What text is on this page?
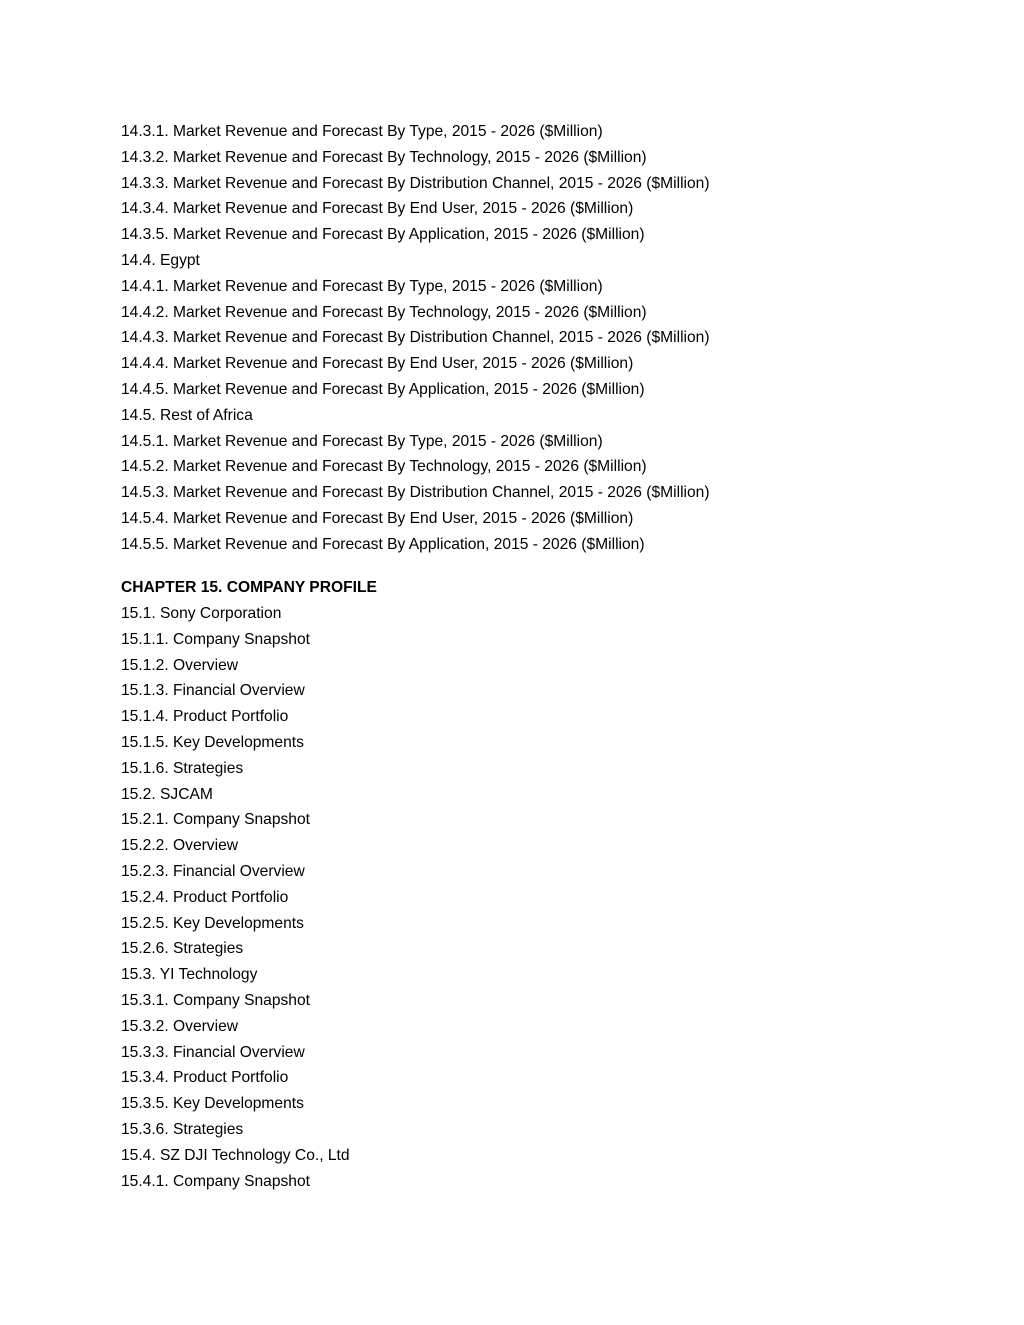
14.3.1. Market Revenue and Forecast By Type, 2015 - 2026 ($Million)
14.3.2. Market Revenue and Forecast By Technology, 2015 - 2026 ($Million)
14.3.3. Market Revenue and Forecast By Distribution Channel, 2015 - 2026 ($Million)
14.3.4. Market Revenue and Forecast By End User, 2015 - 2026 ($Million)
14.3.5. Market Revenue and Forecast By Application, 2015 - 2026 ($Million)
14.4. Egypt
14.4.1. Market Revenue and Forecast By Type, 2015 - 2026 ($Million)
14.4.2. Market Revenue and Forecast By Technology, 2015 - 2026 ($Million)
14.4.3. Market Revenue and Forecast By Distribution Channel, 2015 - 2026 ($Million)
14.4.4. Market Revenue and Forecast By End User, 2015 - 2026 ($Million)
14.4.5. Market Revenue and Forecast By Application, 2015 - 2026 ($Million)
14.5. Rest of Africa
14.5.1. Market Revenue and Forecast By Type, 2015 - 2026 ($Million)
14.5.2. Market Revenue and Forecast By Technology, 2015 - 2026 ($Million)
14.5.3. Market Revenue and Forecast By Distribution Channel, 2015 - 2026 ($Million)
14.5.4. Market Revenue and Forecast By End User, 2015 - 2026 ($Million)
14.5.5. Market Revenue and Forecast By Application, 2015 - 2026 ($Million)
CHAPTER 15. COMPANY PROFILE
15.1. Sony Corporation
15.1.1. Company Snapshot
15.1.2. Overview
15.1.3. Financial Overview
15.1.4. Product Portfolio
15.1.5. Key Developments
15.1.6. Strategies
15.2. SJCAM
15.2.1. Company Snapshot
15.2.2. Overview
15.2.3. Financial Overview
15.2.4. Product Portfolio
15.2.5. Key Developments
15.2.6. Strategies
15.3. YI Technology
15.3.1. Company Snapshot
15.3.2. Overview
15.3.3. Financial Overview
15.3.4. Product Portfolio
15.3.5. Key Developments
15.3.6. Strategies
15.4. SZ DJI Technology Co., Ltd
15.4.1. Company Snapshot
